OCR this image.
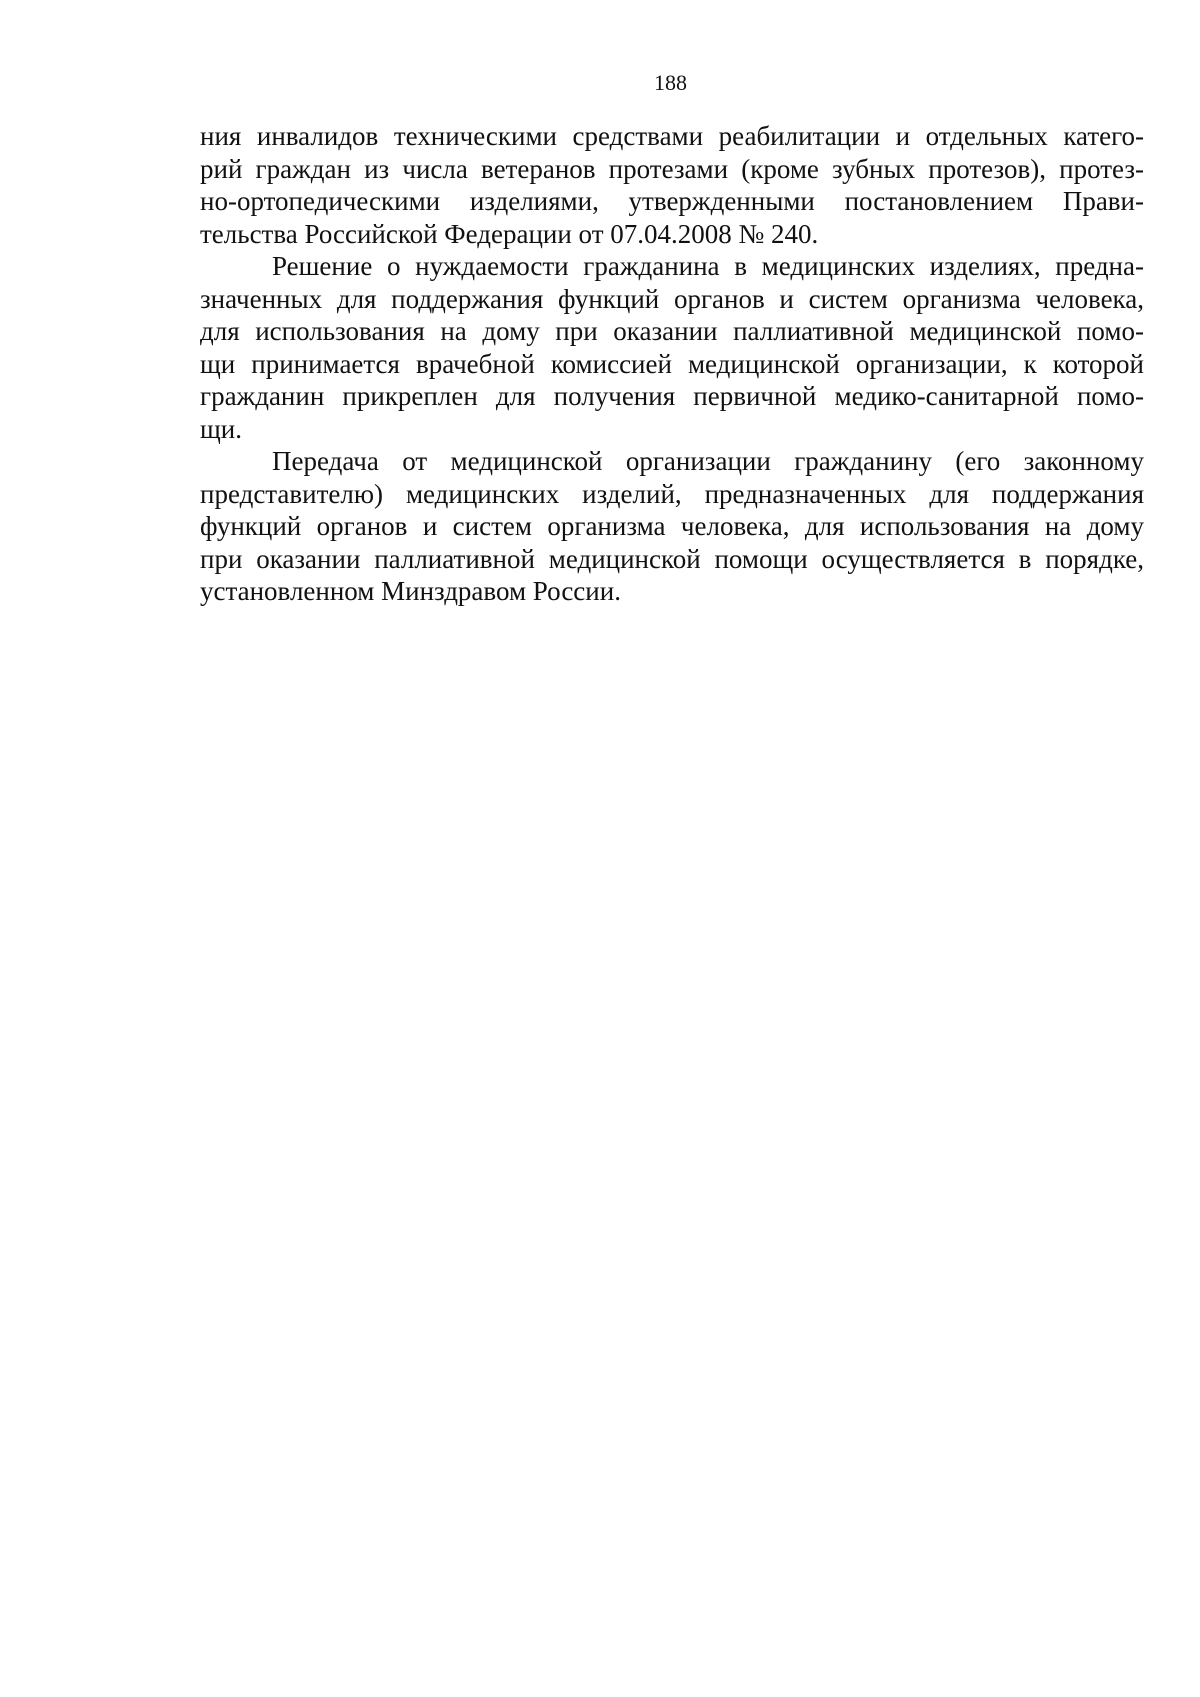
188
ния инвалидов техническими средствами реабилитации и отдельных катего-
рий граждан из числа ветеранов протезами (кроме зубных протезов), протез-
но-ортопедическими изделиями, утвержденными постановлением Прави-
тельства Российской Федерации от 07.04.2008 № 240.
Решение о нуждаемости гражданина в медицинских изделиях, предна-
значенных для поддержания функций органов и систем организма человека,
для использования на дому при оказании паллиативной медицинской помо-
щи принимается врачебной комиссией медицинской организации, к которой
гражданин прикреплен для получения первичной медико-санитарной помо-
щи.
Передача от медицинской организации гражданину (его законному
представителю) медицинских изделий, предназначенных для поддержания
функций органов и систем организма человека, для использования на дому
при оказании паллиативной медицинской помощи осуществляется в порядке,
установленном Минздравом России.
